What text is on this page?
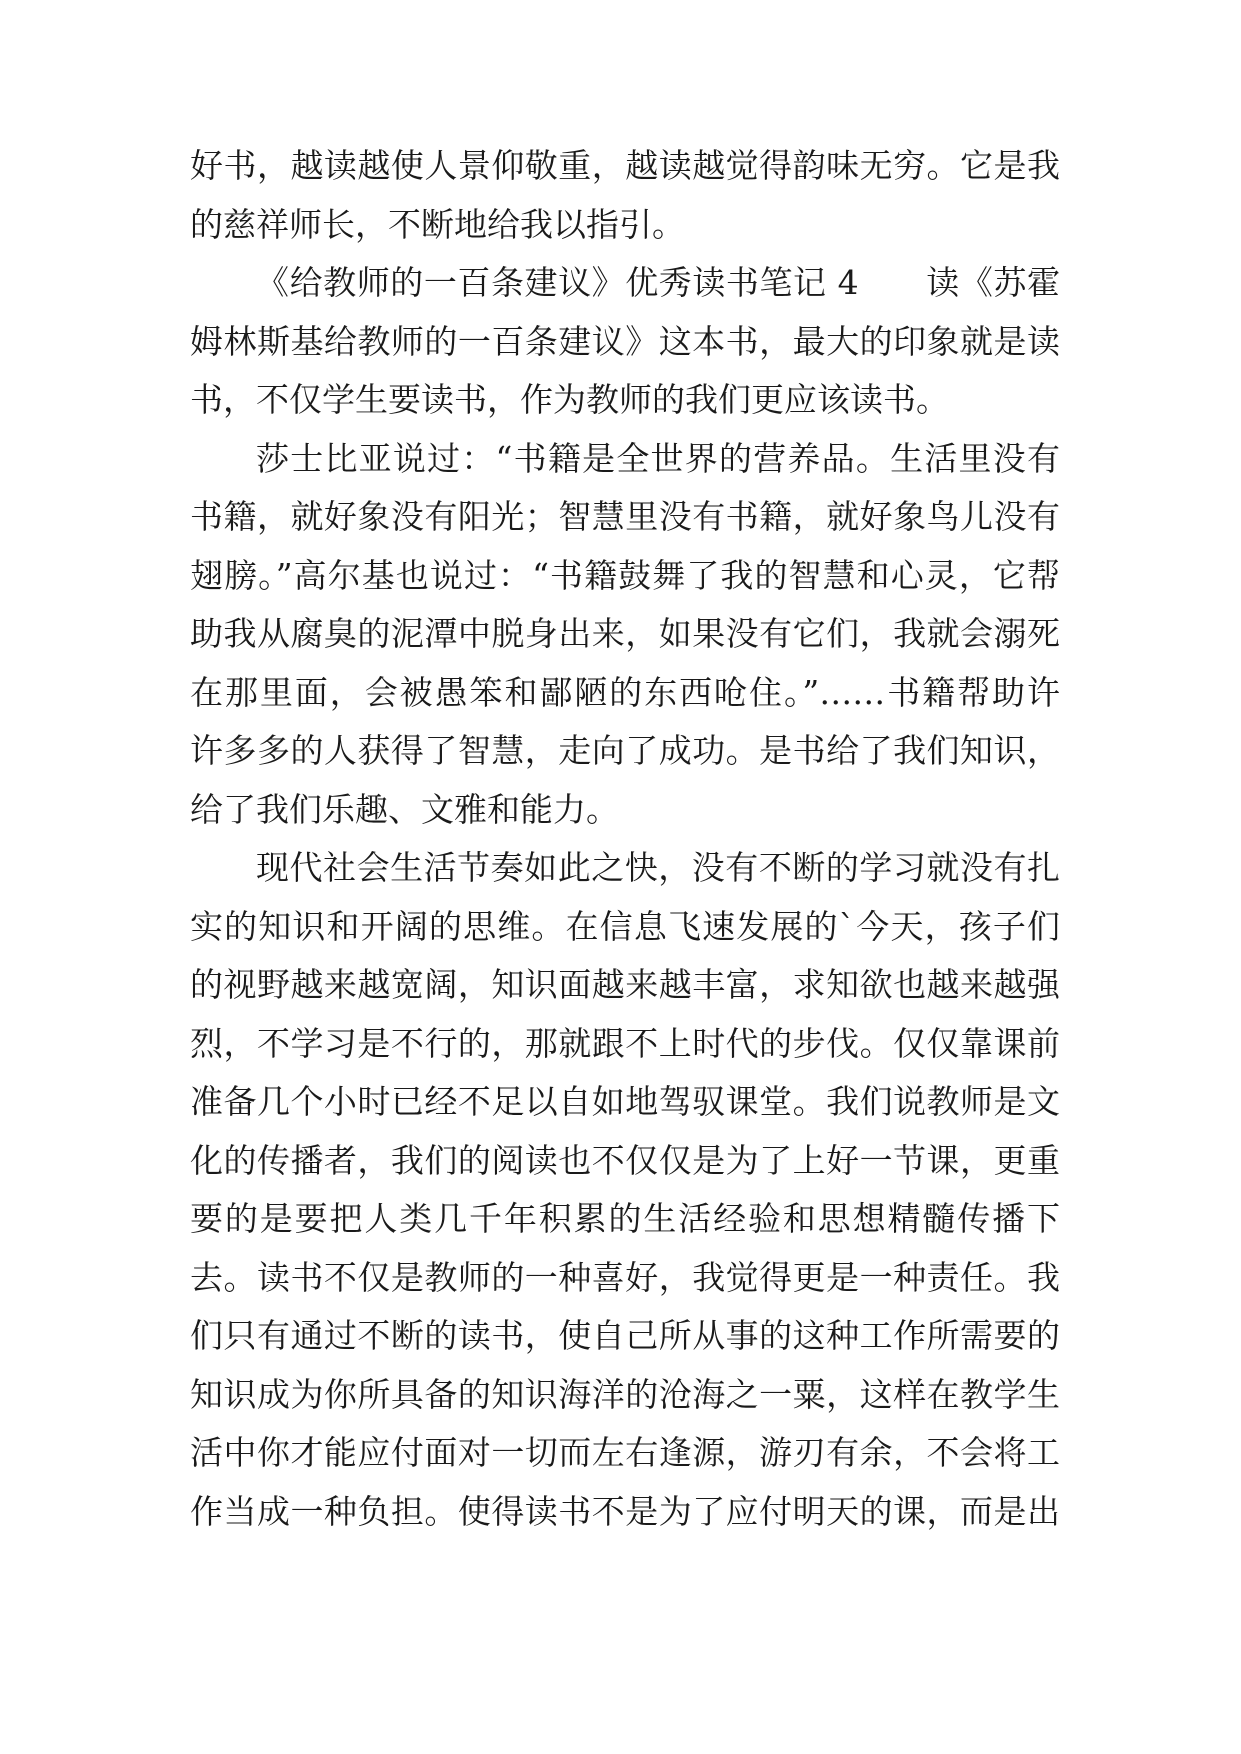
好书，越读越使人景仰敬重，越读越觉得韵味无穷。它是我
的慈祥师长，不断地给我以指引。
《给教师的一百条建议》优秀读书笔记 4　　读《苏霍
姆林斯基给教师的一百条建议》这本书，最大的印象就是读
书，不仅学生要读书，作为教师的我们更应该读书。
莎士比亚说过：“书籍是全世界的营养品。生活里没有
书籍，就好象没有阳光；智慧里没有书籍，就好象鸟儿没有
翅膀。”高尔基也说过：“书籍鼓舞了我的智慧和心灵，它帮
助我从腐臭的泥潭中脱身出来，如果没有它们，我就会溺死
在那里面，会被愚笨和鄙陋的东西呛住。”……书籍帮助许
许多多的人获得了智慧，走向了成功。是书给了我们知识，
给了我们乐趣、文雅和能力。
现代社会生活节奏如此之快，没有不断的学习就没有扎
实的知识和开阔的思维。在信息飞速发展的`今天，孩子们
的视野越来越宽阔，知识面越来越丰富，求知欲也越来越强
烈，不学习是不行的，那就跟不上时代的步伐。仅仅靠课前
准备几个小时已经不足以自如地驾驭课堂。我们说教师是文
化的传播者，我们的阅读也不仅仅是为了上好一节课，更重
要的是要把人类几千年积累的生活经验和思想精髓传播下
去。读书不仅是教师的一种喜好，我觉得更是一种责任。我
们只有通过不断的读书，使自己所从事的这种工作所需要的
知识成为你所具备的知识海洋的沧海之一粟，这样在教学生
活中你才能应付面对一切而左右逢源，游刃有余，不会将工
作当成一种负担。使得读书不是为了应付明天的课，而是出
